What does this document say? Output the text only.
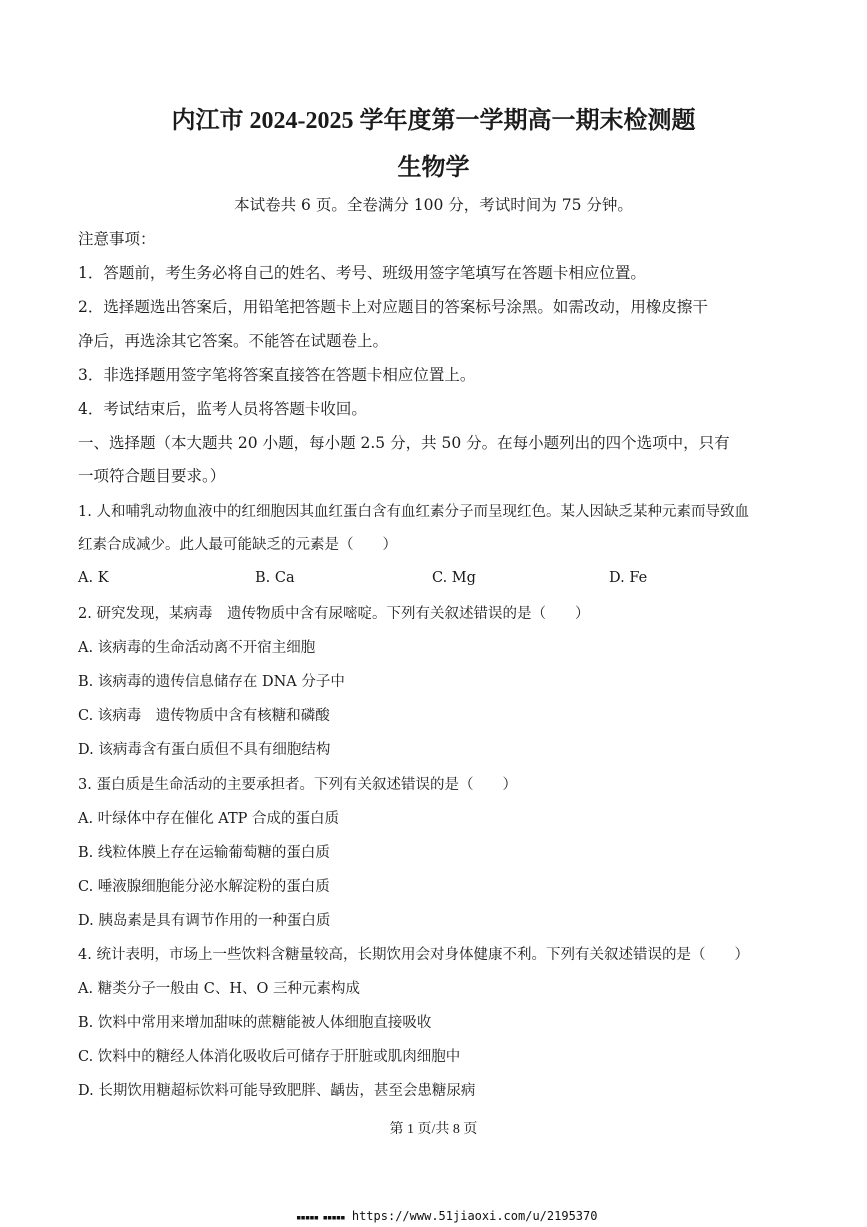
内江市 2024-2025 学年度第一学期高一期末检测题
生物学
本试卷共 6 页。全卷满分 100 分，考试时间为 75 分钟。
注意事项：
1．答题前，考生务必将自己的姓名、考号、班级用签字笔填写在答题卡相应位置。
2．选择题选出答案后，用铅笔把答题卡上对应题目的答案标号涂黑。如需改动，用橡皮擦干
净后，再选涂其它答案。不能答在试题卷上。
3．非选择题用签字笔将答案直接答在答题卡相应位置上。
4．考试结束后，监考人员将答题卡收回。
一、选择题（本大题共 20 小题，每小题 2.5 分，共 50 分。在每小题列出的四个选项中，只有
一项符合题目要求。）
1. 人和哺乳动物血液中的红细胞因其血红蛋白含有血红素分子而呈现红色。某人因缺乏某种元素而导致血
红素合成减少。此人最可能缺乏的元素是（　　）
A. K	B. Ca	C. Mg	D. Fe
2. 研究发现，某病毒　遗传物质中含有尿嘧啶。下列有关叙述错误的是（　　）
A. 该病毒的生命活动离不开宿主细胞
B. 该病毒的遗传信息储存在 DNA 分子中
C. 该病毒　遗传物质中含有核糖和磷酸
D. 该病毒含有蛋白质但不具有细胞结构
3. 蛋白质是生命活动的主要承担者。下列有关叙述错误的是（　　）
A. 叶绿体中存在催化 ATP 合成的蛋白质
B. 线粒体膜上存在运输葡萄糖的蛋白质
C. 唾液腺细胞能分泌水解淀粉的蛋白质
D. 胰岛素是具有调节作用的一种蛋白质
4. 统计表明，市场上一些饮料含糖量较高，长期饮用会对身体健康不利。下列有关叙述错误的是（　　）
A. 糖类分子一般由 C、H、O 三种元素构成
B. 饮料中常用来增加甜味的蔗糖能被人体细胞直接吸收
C. 饮料中的糖经人体消化吸收后可储存于肝脏或肌肉细胞中
D. 长期饮用糖超标饮料可能导致肥胖、龋齿，甚至会患糖尿病
第 1 页/共 8 页
▪▪▪▪▪ ▪▪▪▪▪ https://www.51jiaoxi.com/u/2195370
